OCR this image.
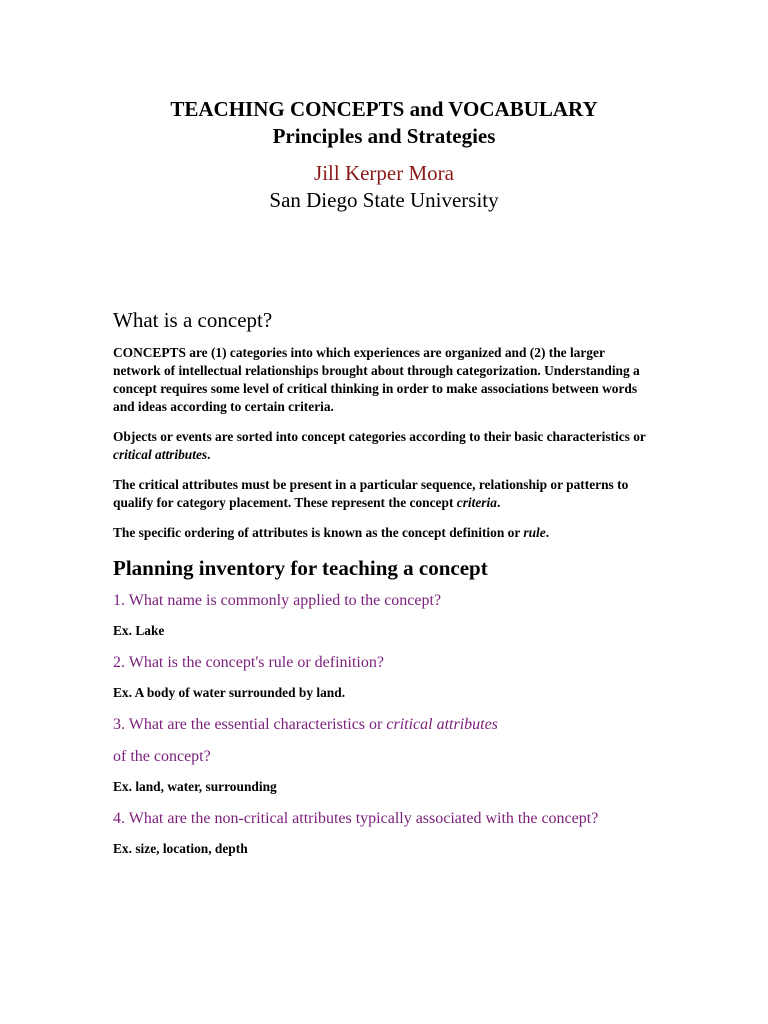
TEACHING CONCEPTS and VOCABULARY
Principles and Strategies
Jill Kerper Mora
San Diego State University
What is a concept?

CONCEPTS are (1) categories into which experiences are organized and (2) the larger network of intellectual relationships brought about through categorization. Understanding a concept requires some level of critical thinking in order to make associations between words and ideas according to certain criteria.

Objects or events are sorted into concept categories according to their basic characteristics or critical attributes.

The critical attributes must be present in a particular sequence, relationship or patterns to qualify for category placement. These represent the concept criteria.

The specific ordering of attributes is known as the concept definition or rule.

Planning inventory for teaching a concept
1. What name is commonly applied to the concept?
Ex. Lake
2. What is the concept's rule or definition?
Ex. A body of water surrounded by land.
3. What are the essential characteristics or critical attributes
of the concept?
Ex. land, water, surrounding
4. What are the non-critical attributes typically associated with the concept?
Ex. size, location, depth
